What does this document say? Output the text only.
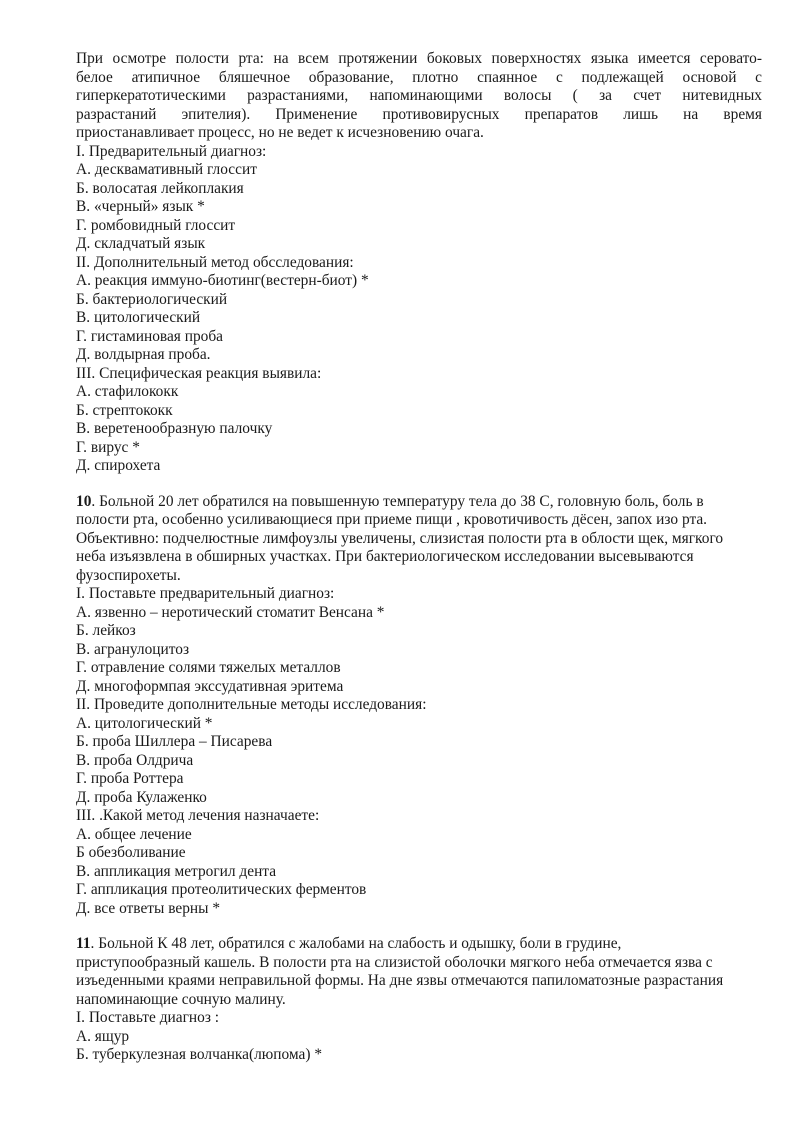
При осмотре полости рта: на всем протяжении боковых поверхностях языка имеется серовато-
белое атипичное бляшечное образование, плотно спаянное с подлежащей основой с
гиперкератотическими разрастаниями, напоминающими волосы ( за счет нитевидных
разрастаний эпителия). Применение противовирусных препаратов лишь на время
приостанавливает процесс, но не ведет к исчезновению очага.
I. Предварительный диагноз:
А. десквамативный глоссит
Б. волосатая лейкоплакия
В. «черный» язык *
Г. ромбовидный глоссит
Д. складчатый язык
II. Дополнительный метод обсследования:
А. реакция иммуно-биотинг(вестерн-биот) *
Б. бактериологический
В. цитологический
Г. гистаминовая проба
Д. волдырная проба.
III. Специфическая реакция выявила:
А. стафилококк
Б. стрептококк
В. веретенообразную палочку
Г. вирус *
Д. спирохета
10. Больной 20 лет обратился на повышенную температуру тела до 38 С, головную боль, боль в
полости рта, особенно усиливающиеся при приеме пищи , кровотичивость дёсен, запох изо рта.
Объективно: подчелюстные лимфоузлы увеличены, слизистая полости рта в облости щек, мягкого
неба изъязвлена в обширных участках. При бактериологическом исследовании высевываются
фузоспирохеты.
I. Поставьте предварительный диагноз:
А. язвенно – неротический стоматит Венсана *
Б. лейкоз
В. агранулоцитоз
Г. отравление солями тяжелых металлов
Д. многоформпая экссудативная эритема
II. Проведите дополнительные методы исследования:
А. цитологический *
Б. проба Шиллера – Писарева
В. проба Олдрича
Г. проба Роттера
Д. проба Кулаженко
III. .Какой метод лечения назначаете:
А. общее лечение
Б обезболивание
В. аппликация метрогил дента
Г. аппликация протеолитических ферментов
Д. все ответы верны *
11. Больной К 48 лет, обратился с жалобами на слабость и одышку, боли в грудине,
приступообразный кашель. В полости рта на слизистой оболочки мягкого неба отмечается язва с
изъеденными краями неправильной формы. На дне язвы отмечаются папиломатозные разрастания
напоминающие сочную малину.
I. Поставьте диагноз :
А. ящур
Б. туберкулезная волчанка(люпома) *
